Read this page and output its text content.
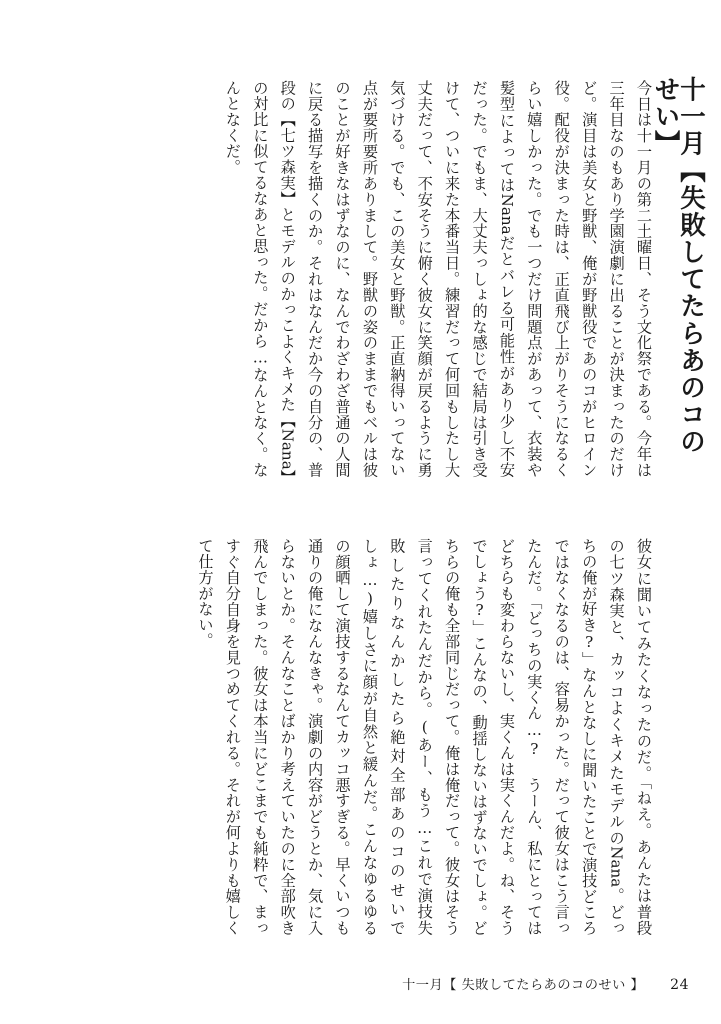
十一月【失敗してたらあのコのせい】

今日は十一月の第二土曜日、そう文化祭である。今年は三年目なのもあり学園演劇に出ることが決まったのだけど。演目は美女と野獣、俺が野獣役であのコがヒロイン役。配役が決まった時は、正直飛び上がりそうになるくらい嬉しかった。でも一つだけ問題点があって、衣装や髪型によってはNanaだとバレる可能性があり少し不安だった。でもま、大丈夫っしょ的な感じで結局は引き受けて、ついに来た本番当日。練習だって何回もしたし大丈夫だって、不安そうに俯く彼女に笑顔が戻るように勇気づける。でも、この美女と野獣。正直納得いってない点が要所要所ありまして。野獣の姿のままでもベルは彼のことが好きなはずなのに、なんでわざわざ普通の人間に戻る描写を描くのか。それはなんだか今の自分の、普段の【七ツ森実】とモデルのかっこよくキメた【Nana】の対比に似てるなあと思った。だから…なんとなく。なんとなくだ。

彼女に聞いてみたくなったのだ。「ねえ。あんたは普段の七ツ森実と、カッコよくキメたモデルのNana。どっちの俺が好き?」なんとなしに聞いたことで演技どころではなくなるのは、容易かった。だって彼女はこう言ったんだ。「どっちの実くん…? うーん、私にとってはどちらも変わらないし、実くんは実くんだよ。ね、そうでしょう?」こんなの、動揺しないはずないでしょ。どちらの俺も全部同じだって。俺は俺だって。彼女はそう言ってくれたんだから。(あー、もう…これで演技失敗したりなんかしたら絶対全部あのコのせいでしょ…)嬉しさに顔が自然と緩んだ。こんなゆるゆるの顔晒して演技するなんてカッコ悪すぎる。早くいつも通りの俺になんなきゃ。演劇の内容がどうとか、気に入らないとか。そんなことばかり考えていたのに全部吹き飛んでしまった。彼女は本当にどこまでも純粋で、まっすぐ自分自身を見つめてくれる。それが何よりも嬉しくて仕方がない。

十一月【 失敗してたらあのコのせい 】 24
